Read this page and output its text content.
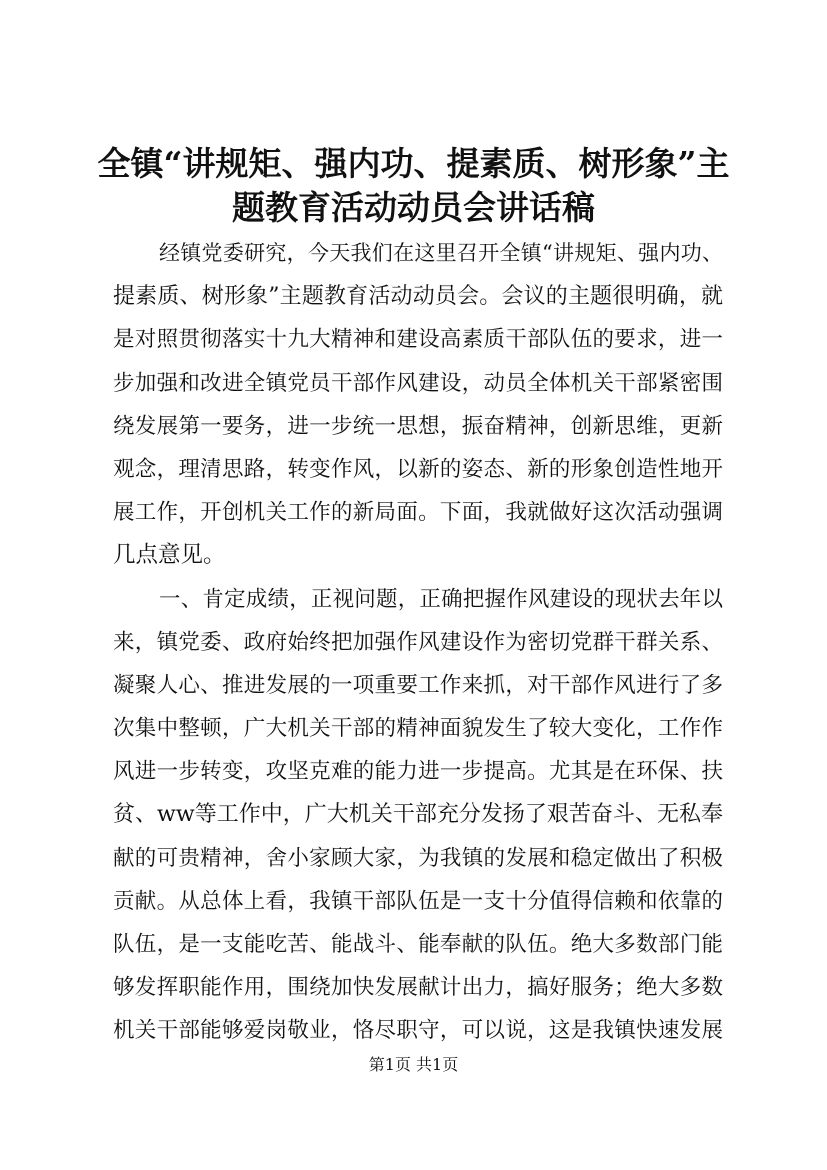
全镇“讲规矩、强内功、提素质、树形象”主
题教育活动动员会讲话稿
经镇党委研究，今天我们在这里召开全镇“讲规矩、强内功、
提素质、树形象”主题教育活动动员会。会议的主题很明确，就
是对照贯彻落实十九大精神和建设高素质干部队伍的要求，进一
步加强和改进全镇党员干部作风建设，动员全体机关干部紧密围
绕发展第一要务，进一步统一思想，振奋精神，创新思维，更新
观念，理清思路，转变作风，以新的姿态、新的形象创造性地开
展工作，开创机关工作的新局面。下面，我就做好这次活动强调
几点意见。
一、肯定成绩，正视问题，正确把握作风建设的现状去年以
来，镇党委、政府始终把加强作风建设作为密切党群干群关系、
凝聚人心、推进发展的一项重要工作来抓，对干部作风进行了多
次集中整顿，广大机关干部的精神面貌发生了较大变化，工作作
风进一步转变，攻坚克难的能力进一步提高。尤其是在环保、扶
贫、ww等工作中，广大机关干部充分发扬了艰苦奋斗、无私奉
献的可贵精神，舍小家顾大家，为我镇的发展和稳定做出了积极
贡献。从总体上看，我镇干部队伍是一支十分值得信赖和依靠的
队伍，是一支能吃苦、能战斗、能奉献的队伍。绝大多数部门能
够发挥职能作用，围绕加快发展献计出力，搞好服务；绝大多数
机关干部能够爱岗敬业，恪尽职守，可以说，这是我镇快速发展
第1页 共1页
